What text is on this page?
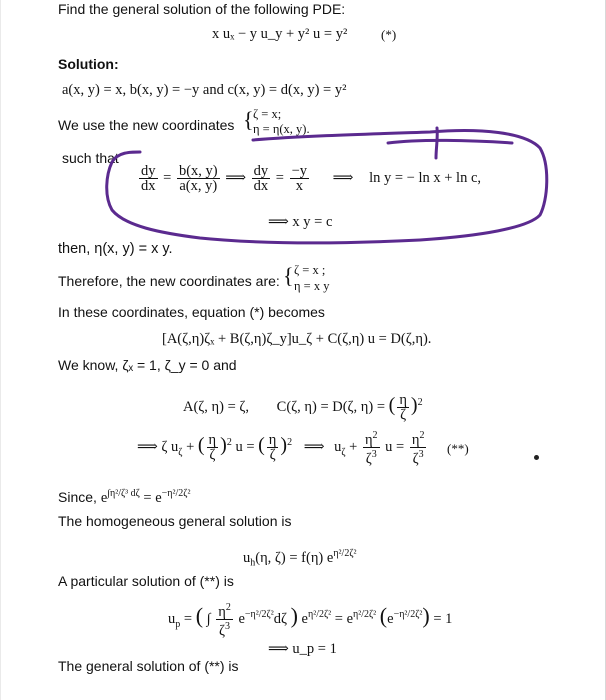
Find the general solution of the following PDE:
x uₓ − y u_y + y² u = y²	(*)
Solution:
a(x, y) = x, b(x, y) = −y and c(x, y) = d(x, y) = y²
We use the new coordinates { ζ = x;
η = η(x, y).
such that
$\frac{dy}{dx} = \frac{b(x, y)}{a(x, y)}$ ⟹ $\frac{dy}{dx} = \frac{-y}{x}$ ⟹ ln y = − ln x + ln c,
⟹ x y = c
then, η(x, y) = x y.
Therefore, the new coordinates are: { ζ = x ;
η = x y
In these coordinates, equation (*) becomes
[A(ζ,η)ζₓ + B(ζ,η)ζ_y]u_ζ + C(ζ,η) u = D(ζ,η).
We know, ζₓ = 1, ζ_y = 0 and
A(ζ, η) = ζ, C(ζ, η) = D(ζ, η) = ( $\frac{\eta}{\zeta} )^2$
⟹ ζ $u_\zeta$ + ( $\frac{\eta}{\zeta} )^2$ u = ( $\frac{\eta}{\zeta} )^2$ ⟹ $u_\zeta + \frac{\eta^2}{\zeta^3}$ $u = \frac{\eta^2}{\zeta^3}$ (**)
Since, $e^{\int\eta^2/\zeta^3 d\zeta} = e^{-\eta^2/2\zeta^2}$
The homogeneous general solution is
$u_h(\eta$, ζ) = f(η) $e^{\eta^2/2\zeta^2}$
A particular solution of (**) is
$u_p$ = ( ∫ $\frac{\eta^2}{\zeta^3} e^{-\eta^2/2\zeta^2}d\zeta$ ) $e^{\eta^2/2\zeta^2} = e^{\eta^2/2\zeta^2}$ $(e^{-\eta^2/2\zeta^2}) = 1$
⟹ u_p = 1
The general solution of (**) is
